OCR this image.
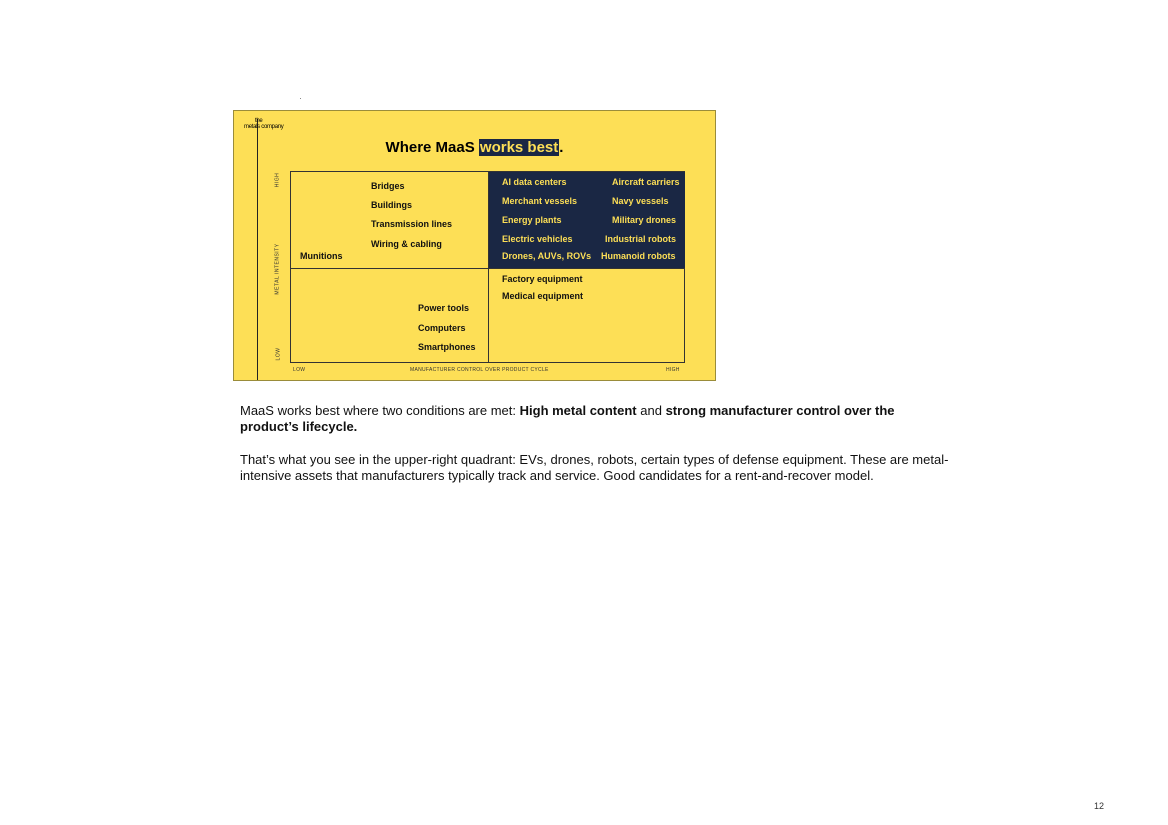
the
metals company
Where MaaS works best.
HIGH
METAL INTENSITY
LOW
Bridges
Buildings
Transmission lines
Wiring & cabling
Munitions
AI data centers
Merchant vessels
Energy plants
Electric vehicles
Drones, AUVs, ROVs
Aircraft carriers
Navy vessels
Military drones
Industrial robots
Humanoid robots
Power tools
Computers
Smartphones
Factory equipment
Medical equipment
LOW	MANUFACTURER CONTROL OVER PRODUCT CYCLE	HIGH
MaaS works best where two conditions are met: High metal content and strong manufacturer control over the product’s lifecycle.
That’s what you see in the upper-right quadrant: EVs, drones, robots, certain types of defense equipment. These are metal-intensive assets that manufacturers typically track and service. Good candidates for a rent-and-recover model.
12
